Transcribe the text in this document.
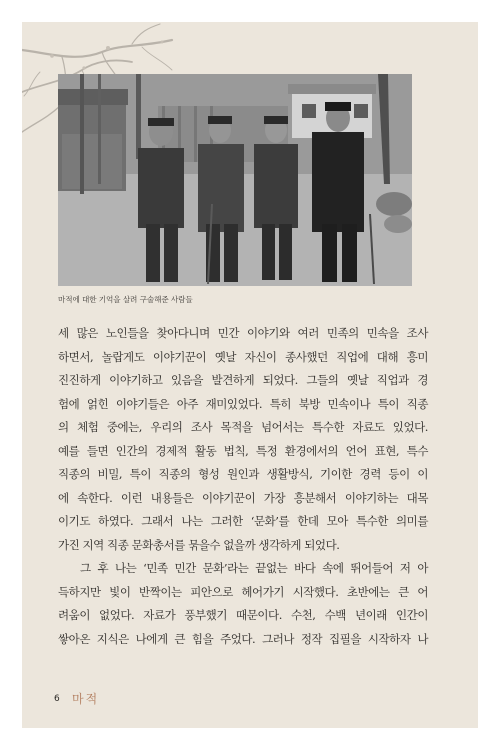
마적에 대한 기억을 살려 구술해준 사람들
세 많은 노인들을 찾아다니며 민간 이야기와 여러 민족의 민속을 조사
하면서, 놀랍게도 이야기꾼이 옛날 자신이 종사했던 직업에 대해 흥미
진진하게 이야기하고 있음을 발견하게 되었다. 그들의 옛날 직업과 경
험에 얽힌 이야기들은 아주 재미있었다. 특히 북방 민속이나 특이 직종
의 체험 중에는, 우리의 조사 목적을 넘어서는 특수한 자료도 있었다.
예를 들면 인간의 경제적 활동 법칙, 특정 환경에서의 언어 표현, 특수
직종의 비밀, 특이 직종의 형성 원인과 생활방식, 기이한 경력 등이 이
에 속한다. 이런 내용들은 이야기꾼이 가장 흥분해서 이야기하는 대목
이기도 하였다. 그래서 나는 그러한 ‘문화’를 한데 모아 특수한 의미를
가진 지역 직종 문화총서를 묶을수 없을까 생각하게 되었다.
그 후 나는 ‘민족 민간 문화’라는 끝없는 바다 속에 뛰어들어 저 아
득하지만 빛이 반짝이는 피안으로 헤어가기 시작했다. 초반에는 큰 어
려움이 없었다. 자료가 풍부했기 때문이다. 수천, 수백 년이래 인간이
쌓아온 지식은 나에게 큰 힘을 주었다. 그러나 정작 집필을 시작하자 나
6 마적
